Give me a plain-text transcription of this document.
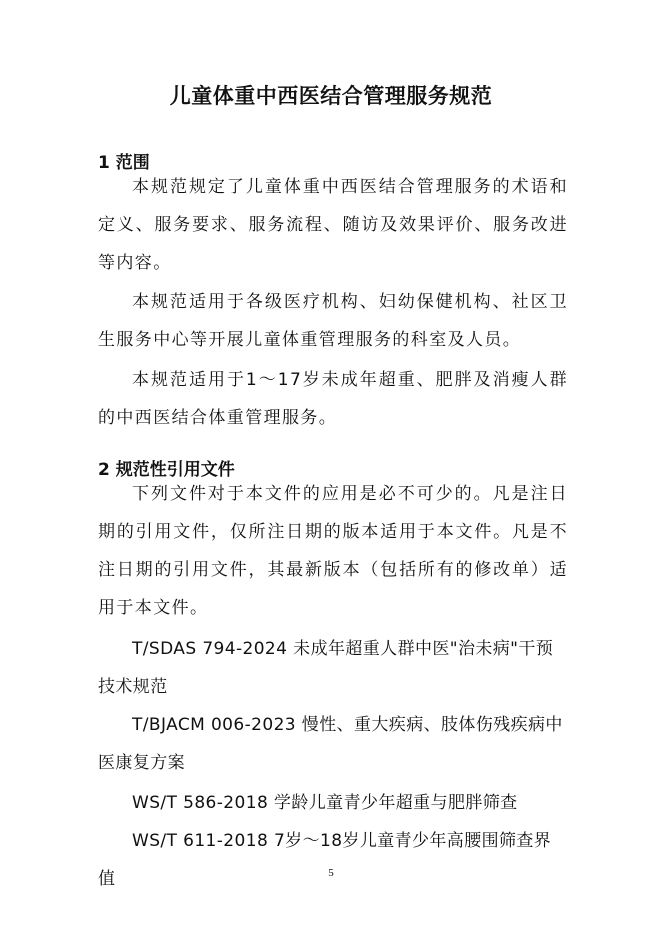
儿童体重中西医结合管理服务规范
1 范围

本规范规定了儿童体重中西医结合管理服务的术语和定义、服务要求、服务流程、随访及效果评价、服务改进等内容。

本规范适用于各级医疗机构、妇幼保健机构、社区卫生服务中心等开展儿童体重管理服务的科室及人员。

本规范适用于1～17岁未成年超重、肥胖及消瘦人群的中西医结合体重管理服务。

2 规范性引用文件

下列文件对于本文件的应用是必不可少的。凡是注日期的引用文件，仅所注日期的版本适用于本文件。凡是不注日期的引用文件，其最新版本（包括所有的修改单）适用于本文件。

T/SDAS 794-2024 未成年超重人群中医"治未病"干预技术规范

T/BJACM 006-2023 慢性、重大疾病、肢体伤残疾病中医康复方案

WS/T 586-2018 学龄儿童青少年超重与肥胖筛查

WS/T 611-2018 7岁～18岁儿童青少年高腰围筛查界值	5
